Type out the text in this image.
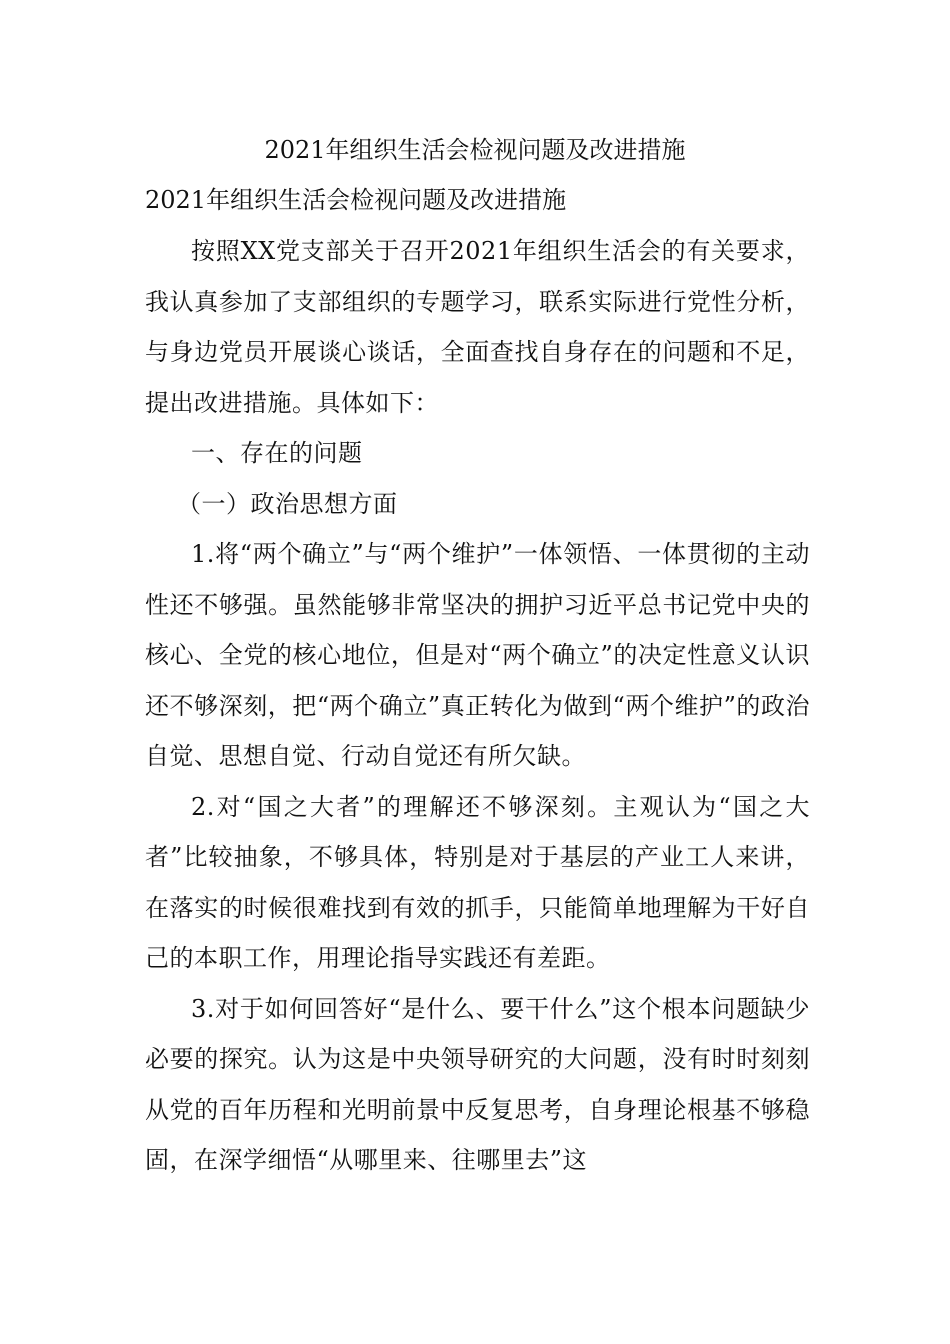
2021年组织生活会检视问题及改进措施
2021年组织生活会检视问题及改进措施

按照XX党支部关于召开2021年组织生活会的有关要求，我认真参加了支部组织的专题学习，联系实际进行党性分析，与身边党员开展谈心谈话，全面查找自身存在的问题和不足，提出改进措施。具体如下：

一、存在的问题

（一）政治思想方面

1.将“两个确立”与“两个维护”一体领悟、一体贯彻的主动性还不够强。虽然能够非常坚决的拥护习近平总书记党中央的核心、全党的核心地位，但是对“两个确立”的决定性意义认识还不够深刻，把“两个确立”真正转化为做到“两个维护”的政治自觉、思想自觉、行动自觉还有所欠缺。

2.对“国之大者”的理解还不够深刻。主观认为“国之大者”比较抽象，不够具体，特别是对于基层的产业工人来讲，在落实的时候很难找到有效的抓手，只能简单地理解为干好自己的本职工作，用理论指导实践还有差距。

3.对于如何回答好“是什么、要干什么”这个根本问题缺少必要的探究。认为这是中央领导研究的大问题，没有时时刻刻从党的百年历程和光明前景中反复思考，自身理论根基不够稳固，在深学细悟“从哪里来、往哪里去”这
